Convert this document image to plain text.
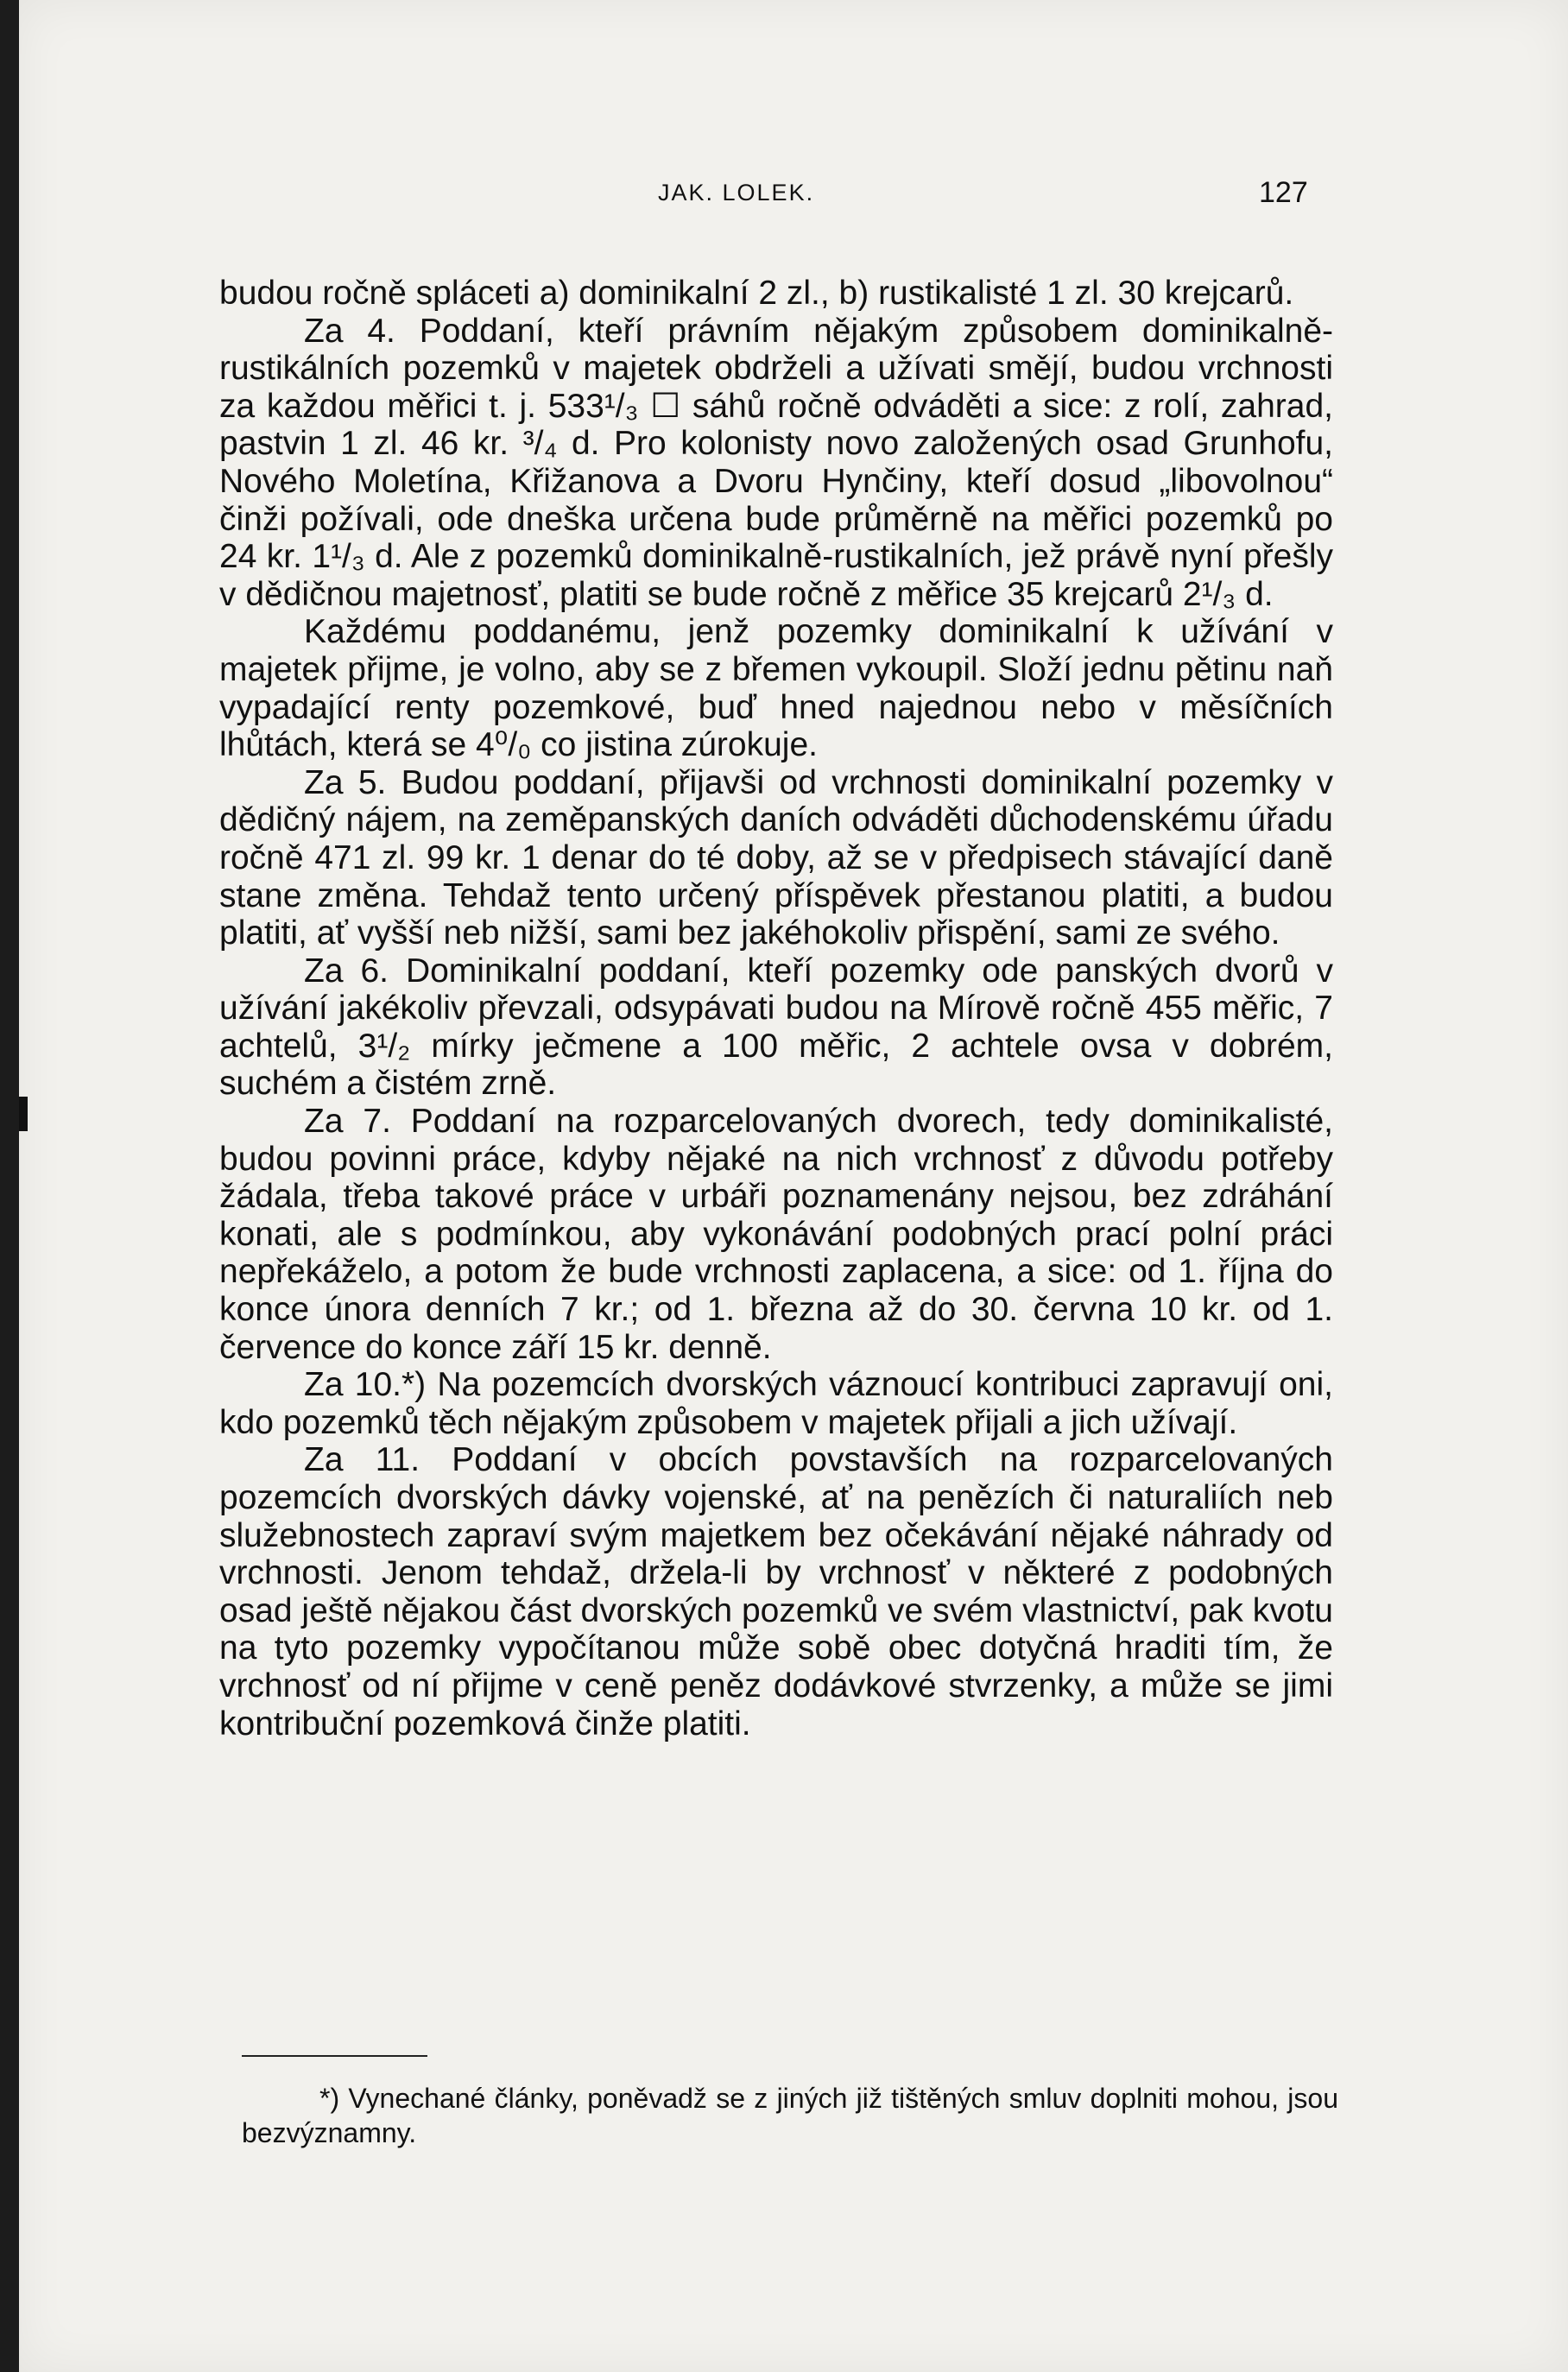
JAK. LOLEK.	127

budou ročně spláceti a) dominikalní 2 zl., b) rustikalisté 1 zl. 30 krejcarů.

Za 4. Poddaní, kteří právním nějakým způsobem dominikalně-rustikálních pozemků v majetek obdrželi a užívati smějí, budou vrchnosti za každou měřici t. j. 533¹/₃ ☐ sáhů ročně odváděti a sice: z rolí, zahrad, pastvin 1 zl. 46 kr. ³/₄ d. Pro kolonisty novo založených osad Grunhofu, Nového Moletína, Křižanova a Dvoru Hynčiny, kteří dosud „libovolnou“ činži požívali, ode dneška určena bude průměrně na měřici pozemků po 24 kr. 1¹/₃ d. Ale z pozemků dominikalně-rustikalních, jež právě nyní přešly v dědičnou majetnosť, platiti se bude ročně z měřice 35 krejcarů 2¹/₃ d.

Každému poddanému, jenž pozemky dominikalní k užívání v majetek přijme, je volno, aby se z břemen vykoupil. Složí jednu pětinu naň vypadající renty pozemkové, buď hned najednou nebo v měsíčních lhůtách, která se 4⁰/₀ co jistina zúrokuje.

Za 5. Budou poddaní, přijavši od vrchnosti dominikalní pozemky v dědičný nájem, na zeměpanských daních odváděti důchodenskému úřadu ročně 471 zl. 99 kr. 1 denar do té doby, až se v předpisech stávající daně stane změna. Tehdaž tento určený příspěvek přestanou platiti, a budou platiti, ať vyšší neb nižší, sami bez jakéhokoliv přispění, sami ze svého.

Za 6. Dominikalní poddaní, kteří pozemky ode panských dvorů v užívání jakékoliv převzali, odsypávati budou na Mírově ročně 455 měřic, 7 achtelů, 3¹/₂ mírky ječmene a 100 měřic, 2 achtele ovsa v dobrém, suchém a čistém zrně.

Za 7. Poddaní na rozparcelovaných dvorech, tedy dominikalisté, budou povinni práce, kdyby nějaké na nich vrchnosť z důvodu potřeby žádala, třeba takové práce v urbáři poznamenány nejsou, bez zdráhání konati, ale s podmínkou, aby vykonávání podobných prací polní práci nepřekáželo, a potom že bude vrchnosti zaplacena, a sice: od 1. října do konce února denních 7 kr.; od 1. března až do 30. června 10 kr. od 1. července do konce září 15 kr. denně.

Za 10.*) Na pozemcích dvorských váznoucí kontribuci zapravují oni, kdo pozemků těch nějakým způsobem v majetek přijali a jich užívají.

Za 11. Poddaní v obcích povstavších na rozparcelovaných pozemcích dvorských dávky vojenské, ať na penězích či naturaliích neb služebnostech zapraví svým majetkem bez očekávání nějaké náhrady od vrchnosti. Jenom tehdaž, držela-li by vrchnosť v některé z podobných osad ještě nějakou část dvorských pozemků ve svém vlastnictví, pak kvotu na tyto pozemky vypočítanou může sobě obec dotyčná hraditi tím, že vrchnosť od ní přijme v ceně peněz dodávkové stvrzenky, a může se jimi kontribuční pozemková činže platiti.

*) Vynechané články, poněvadž se z jiných již tištěných smluv doplniti mohou, jsou bezvýznamny.
